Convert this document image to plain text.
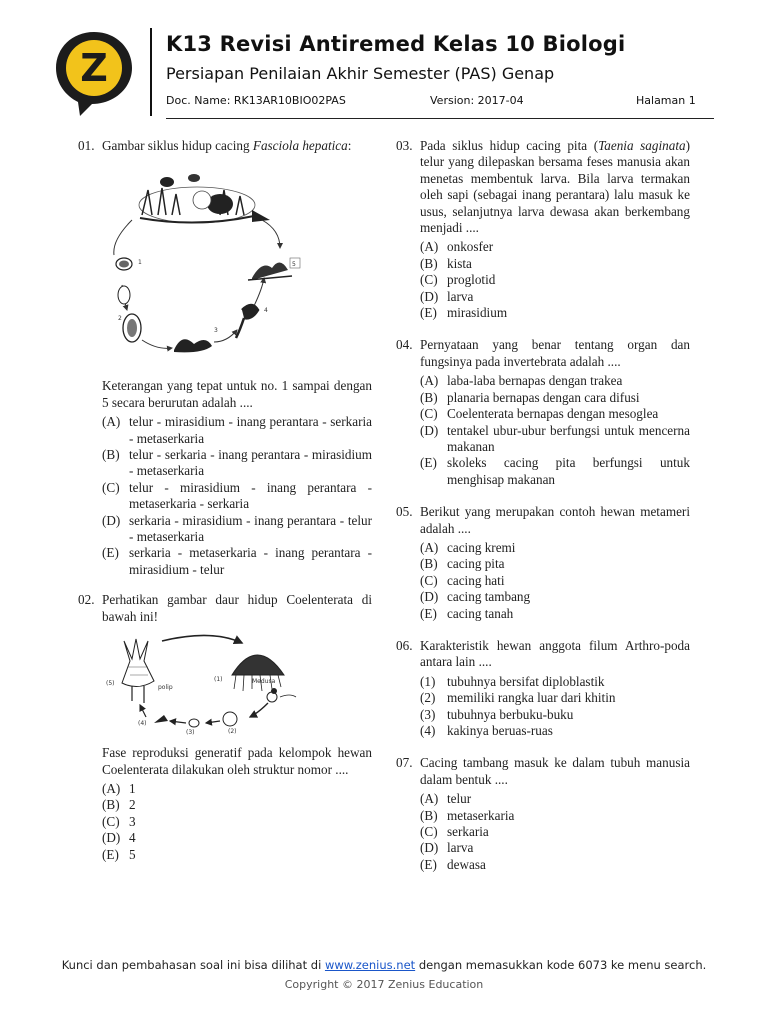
Z
K13 Revisi Antiremed Kelas 10 Biologi
Persiapan Penilaian Akhir Semester (PAS) Genap
Doc. Name: RK13AR10BIO02PAS	Version: 2017-04	Halaman 1
01. Gambar siklus hidup cacing Fasciola hepatica:
1
2
3
4
5
Keterangan yang tepat untuk no. 1 sampai dengan 5 secara berurutan adalah ....
(A) telur - mirasidium - inang perantara - serkaria - metaserkaria
(B) telur - serkaria - inang perantara - mirasidium - metaserkaria
(C) telur - mirasidium - inang perantara - metaserkaria - serkaria
(D) serkaria - mirasidium - inang perantara - telur - metaserkaria
(E) serkaria - metaserkaria - inang perantara - mirasidium - telur
02. Perhatikan gambar daur hidup Coelenterata di bawah ini!
(5)
polip
(1)	Medusa
(2)
(3)
(4)
Fase reproduksi generatif pada kelompok hewan Coelenterata dilakukan oleh struktur nomor ....
(A) 1
(B) 2
(C) 3
(D) 4
(E) 5
03. Pada siklus hidup cacing pita (Taenia saginata) telur yang dilepaskan bersama feses manusia akan menetas membentuk larva. Bila larva termakan oleh sapi (sebagai inang perantara) lalu masuk ke usus, selanjutnya larva dewasa akan berkembang menjadi ....
(A) onkosfer
(B) kista
(C) proglotid
(D) larva
(E) mirasidium
04. Pernyataan yang benar tentang organ dan fungsinya pada invertebrata adalah ....
(A) laba-laba bernapas dengan trakea
(B) planaria bernapas dengan cara difusi
(C) Coelenterata bernapas dengan mesoglea
(D) tentakel ubur-ubur berfungsi untuk mencerna makanan
(E) skoleks cacing pita berfungsi untuk menghisap makanan
05. Berikut yang merupakan contoh hewan metameri adalah ....
(A) cacing kremi
(B) cacing pita
(C) cacing hati
(D) cacing tambang
(E) cacing tanah
06. Karakteristik hewan anggota filum Arthro-poda antara lain ....
(1) tubuhnya bersifat diploblastik
(2) memiliki rangka luar dari khitin
(3) tubuhnya berbuku-buku
(4) kakinya beruas-ruas
07. Cacing tambang masuk ke dalam tubuh manusia dalam bentuk ....
(A) telur
(B) metaserkaria
(C) serkaria
(D) larva
(E) dewasa
Kunci dan pembahasan soal ini bisa dilihat di www.zenius.net dengan memasukkan kode 6073 ke menu search.
Copyright © 2017 Zenius Education
